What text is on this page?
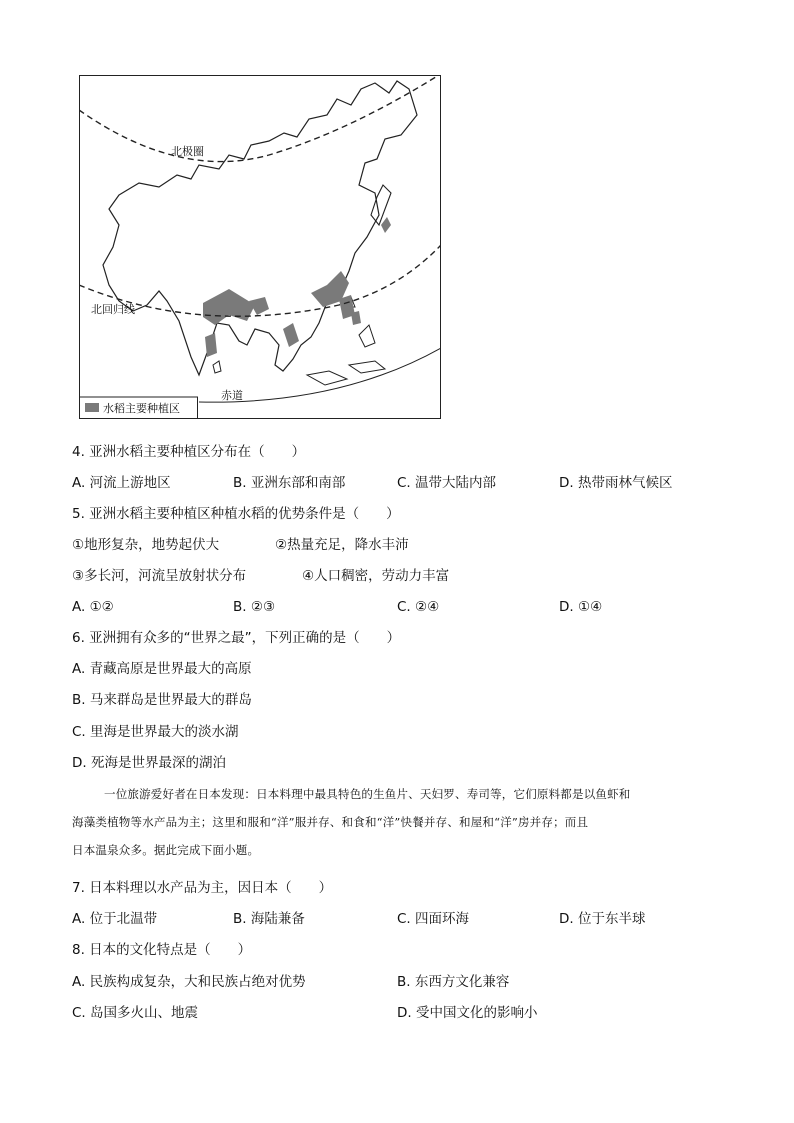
北极圈
北回归线
赤道
水稻主要种植区
4. 亚洲水稻主要种植区分布在（　　）
A. 河流上游地区	B. 亚洲东部和南部	C. 温带大陆内部	D. 热带雨林气候区
5. 亚洲水稻主要种植区种植水稻的优势条件是（　　）
①地形复杂，地势起伏大	②热量充足，降水丰沛
③多长河，河流呈放射状分布	④人口稠密，劳动力丰富
A. ①②	B. ②③	C. ②④	D. ①④
6. 亚洲拥有众多的“世界之最”，下列正确的是（　　）
A. 青藏高原是世界最大的高原
B. 马来群岛是世界最大的群岛
C. 里海是世界最大的淡水湖
D. 死海是世界最深的湖泊
一位旅游爱好者在日本发现：日本料理中最具特色的生鱼片、天妇罗、寿司等，它们原料都是以鱼虾和
海藻类植物等水产品为主；这里和服和“洋”服并存、和食和“洋”快餐并存、和屋和“洋”房并存；而且
日本温泉众多。据此完成下面小题。
7. 日本料理以水产品为主，因日本（　　）
A. 位于北温带	B. 海陆兼备	C. 四面环海	D. 位于东半球
8. 日本的文化特点是（　　）
A. 民族构成复杂，大和民族占绝对优势	B. 东西方文化兼容
C. 岛国多火山、地震	D. 受中国文化的影响小
